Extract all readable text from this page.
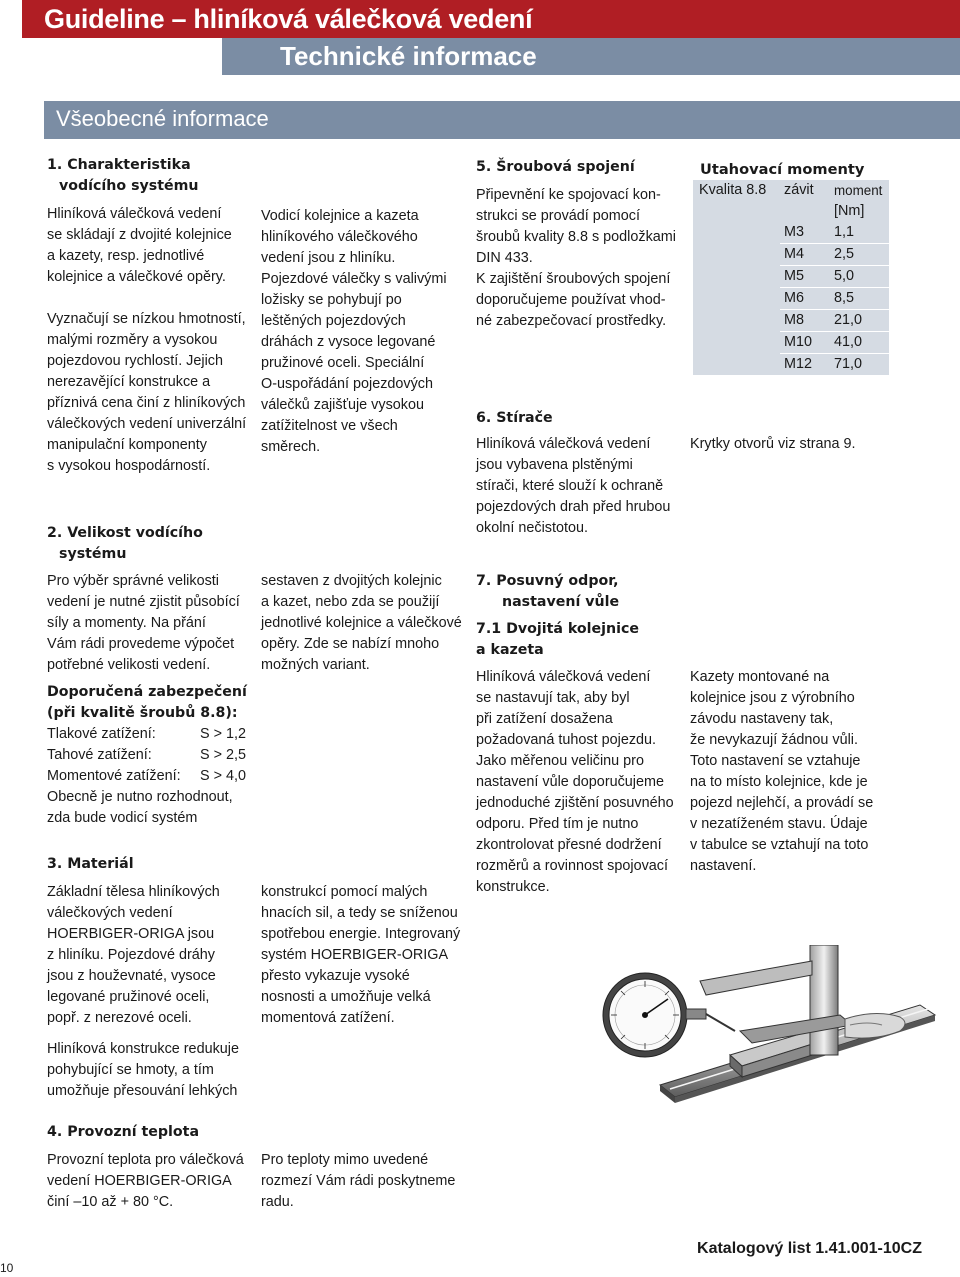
Guideline – hliníková válečková vedení
Technické informace
Všeobecné informace
1. Charakteristika
vodícího systému
Hliníková válečková vedení
se skládají z dvojité kolejnice
a kazety, resp. jednotlivé
kolejnice a válečkové opěry.

Vyznačují se nízkou hmotností,
malými rozměry a vysokou
pojezdovou rychlostí. Jejich
nerezavějící konstrukce a
příznivá cena činí z hliníkových
válečkových vedení univerzální
manipulační komponenty
s vysokou hospodárností.
Vodicí kolejnice a kazeta
hliníkového válečkového
vedení jsou z hliníku.
Pojezdové válečky s valivými
ložisky se pohybují po
leštěných pojezdových
dráhách z vysoce legované
pružinové oceli. Speciální
O-uspořádání pojezdových
válečků zajišťuje vysokou
zatížitelnost ve všech
směrech.
2. Velikost vodícího
systému
Pro výběr správné velikosti
vedení je nutné zjistit působící
síly a momenty. Na přání
Vám rádi provedeme výpočet
potřebné velikosti vedení.
sestaven z dvojitých kolejnic
a kazet, nebo zda se použijí
jednotlivé kolejnice a válečkové
opěry. Zde se nabízí mnoho
možných variant.
Doporučená zabezpečení
(při kvalitě šroubů 8.8):
Tlakové zatížení:	S > 1,2
Tahové zatížení:	S > 2,5
Momentové zatížení:	S > 4,0
Obecně je nutno rozhodnout,
zda bude vodicí systém
3. Materiál
Základní tělesa hliníkových
válečkových vedení
HOERBIGER-ORIGA jsou
z hliníku. Pojezdové dráhy
jsou z houževnaté, vysoce
legované pružinové oceli,
popř. z nerezové oceli.
Hliníková konstrukce redukuje
pohybující se hmoty, a tím
umožňuje přesouvání lehkých
konstrukcí pomocí malých
hnacích sil, a tedy se sníženou
spotřebou energie. Integrovaný
systém HOERBIGER-ORIGA
přesto vykazuje vysoké
nosnosti a umožňuje velká
momentová zatížení.
4. Provozní teplota
Provozní teplota pro válečková
vedení HOERBIGER-ORIGA
činí –10 až + 80 °C.
Pro teploty mimo uvedené
rozmezí Vám rádi poskytneme
radu.
5. Šroubová spojení
Připevnění ke spojovací kon-
strukci se provádí pomocí
šroubů kvality 8.8 s podložkami
DIN 433.
K zajištění šroubových spojení
doporučujeme používat vhod-
né zabezpečovací prostředky.
Utahovací momenty
Kvalita 8.8	závit	moment
		[Nm]
	M3	1,1
	M4	2,5
	M5	5,0
	M6	8,5
	M8	21,0
	M10	41,0
	M12	71,0
Krytky otvorů viz strana 9.
6. Stírače
Hliníková válečková vedení
jsou vybavena plstěnými
stírači, které slouží k ochraně
pojezdových drah před hrubou
okolní nečistotou.
7. Posuvný odpor,
nastavení vůle
7.1 Dvojitá kolejnice
a kazeta
Hliníková válečková vedení
se nastavují tak, aby byl
při zatížení dosažena
požadovaná tuhost pojezdu.
Jako měřenou veličinu pro
nastavení vůle doporučujeme
jednoduché zjištění posuvného
odporu. Před tím je nutno
zkontrolovat přesné dodržení
rozměrů a rovinnost spojovací
konstrukce.
Kazety montované na
kolejnice jsou z výrobního
závodu nastaveny tak,
že nevykazují žádnou vůli.
Toto nastavení se vztahuje
na to místo kolejnice, kde je
pojezd nejlehčí, a provádí se
v nezatíženém stavu. Údaje
v tabulce se vztahují na toto
nastavení.
Katalogový list 1.41.001-10CZ
10
